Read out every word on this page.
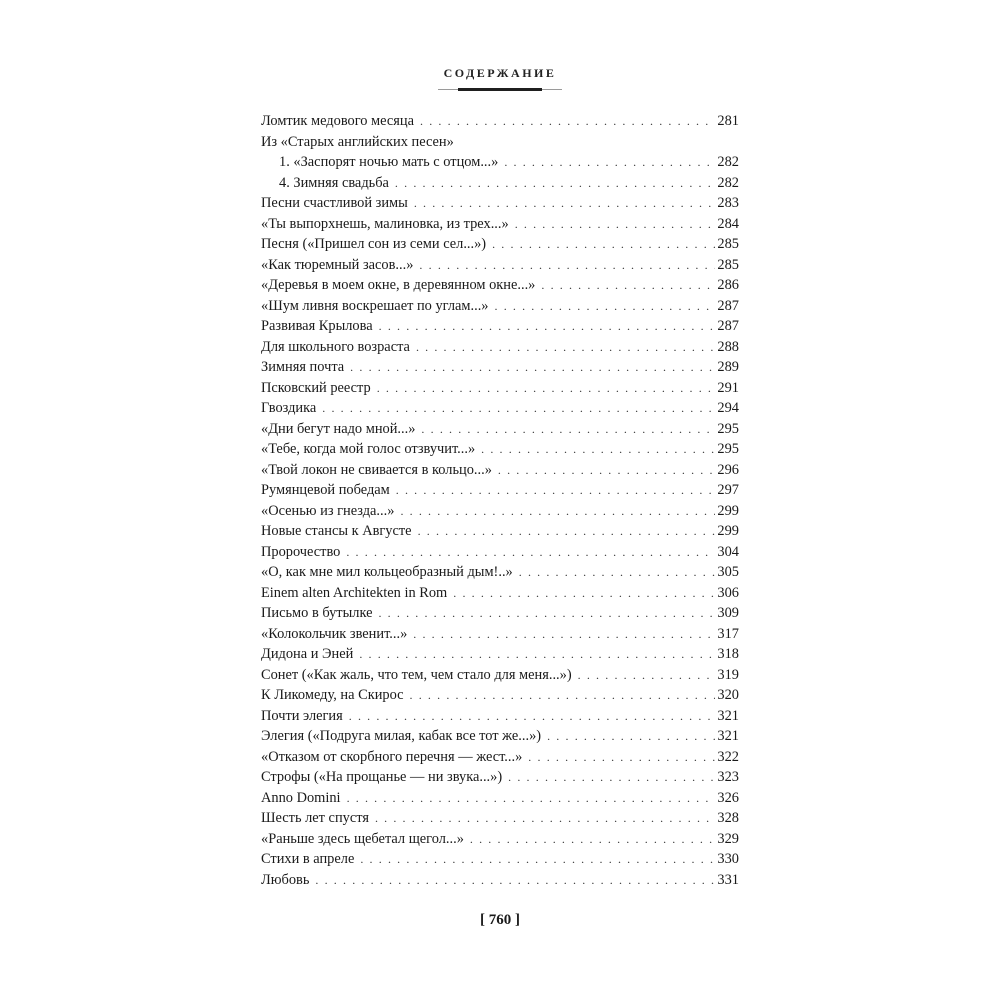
СОДЕРЖАНИЕ
Ломтик медового месяца . . .	281
Из «Старых английских песен»
1. «Заспорят ночью мать с отцом...» . . .	282
4. Зимняя свадьба . . .	282
Песни счастливой зимы . . .	283
«Ты выпорхнешь, малиновка, из трех...» . . .	284
Песня («Пришел сон из семи сел...») . . .	285
«Как тюремный засов...» . . .	285
«Деревья в моем окне, в деревянном окне...» . . .	286
«Шум ливня воскрешает по углам...» . . .	287
Развивая Крылова . . .	287
Для школьного возраста . . .	288
Зимняя почта . . .	289
Псковский реестр . . .	291
Гвоздика . . .	294
«Дни бегут надо мной...» . . .	295
«Тебе, когда мой голос отзвучит...» . . .	295
«Твой локон не свивается в кольцо...» . . .	296
Румянцевой победам . . .	297
«Осенью из гнезда...» . . .	299
Новые стансы к Августе . . .	299
Пророчество . . .	304
«О, как мне мил кольцеобразный дым!..» . . .	305
Einem alten Architekten in Rom . . .	306
Письмо в бутылке . . .	309
«Колокольчик звенит...» . . .	317
Дидона и Эней . . .	318
Сонет («Как жаль, что тем, чем стало для меня...») . . .	319
К Ликомеду, на Скирос . . .	320
Почти элегия . . .	321
Элегия («Подруга милая, кабак все тот же...») . . .	321
«Отказом от скорбного перечня — жест...» . . .	322
Строфы («На прощанье — ни звука...») . . .	323
Anno Domini . . .	326
Шесть лет спустя . . .	328
«Раньше здесь щебетал щегол...» . . .	329
Стихи в апреле . . .	330
Любовь . . .	331
[ 760 ]
